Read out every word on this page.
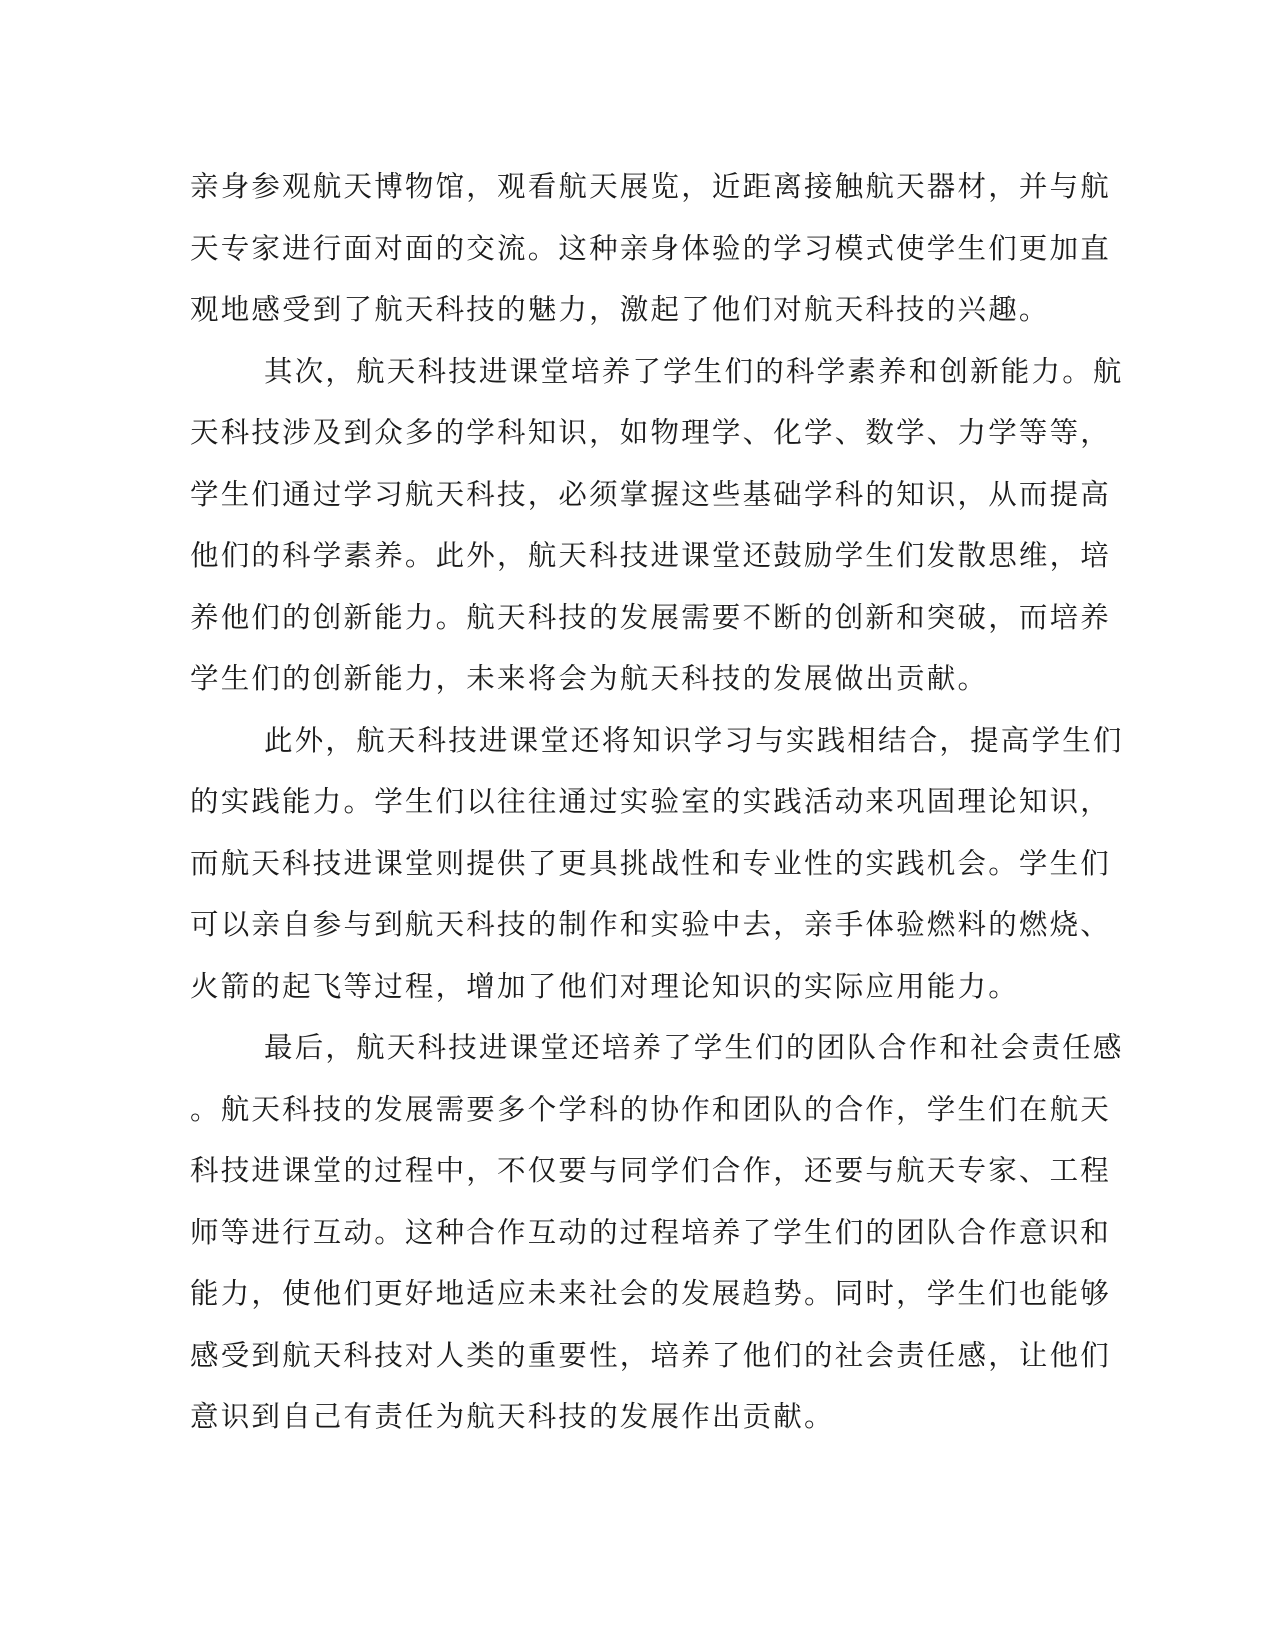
亲身参观航天博物馆，观看航天展览，近距离接触航天器材，并与航
天专家进行面对面的交流。这种亲身体验的学习模式使学生们更加直
观地感受到了航天科技的魅力，激起了他们对航天科技的兴趣。
其次，航天科技进课堂培养了学生们的科学素养和创新能力。航
天科技涉及到众多的学科知识，如物理学、化学、数学、力学等等，
学生们通过学习航天科技，必须掌握这些基础学科的知识，从而提高
他们的科学素养。此外，航天科技进课堂还鼓励学生们发散思维，培
养他们的创新能力。航天科技的发展需要不断的创新和突破，而培养
学生们的创新能力，未来将会为航天科技的发展做出贡献。
此外，航天科技进课堂还将知识学习与实践相结合，提高学生们
的实践能力。学生们以往往通过实验室的实践活动来巩固理论知识，
而航天科技进课堂则提供了更具挑战性和专业性的实践机会。学生们
可以亲自参与到航天科技的制作和实验中去，亲手体验燃料的燃烧、
火箭的起飞等过程，增加了他们对理论知识的实际应用能力。
最后，航天科技进课堂还培养了学生们的团队合作和社会责任感
。航天科技的发展需要多个学科的协作和团队的合作，学生们在航天
科技进课堂的过程中，不仅要与同学们合作，还要与航天专家、工程
师等进行互动。这种合作互动的过程培养了学生们的团队合作意识和
能力，使他们更好地适应未来社会的发展趋势。同时，学生们也能够
感受到航天科技对人类的重要性，培养了他们的社会责任感，让他们
意识到自己有责任为航天科技的发展作出贡献。
